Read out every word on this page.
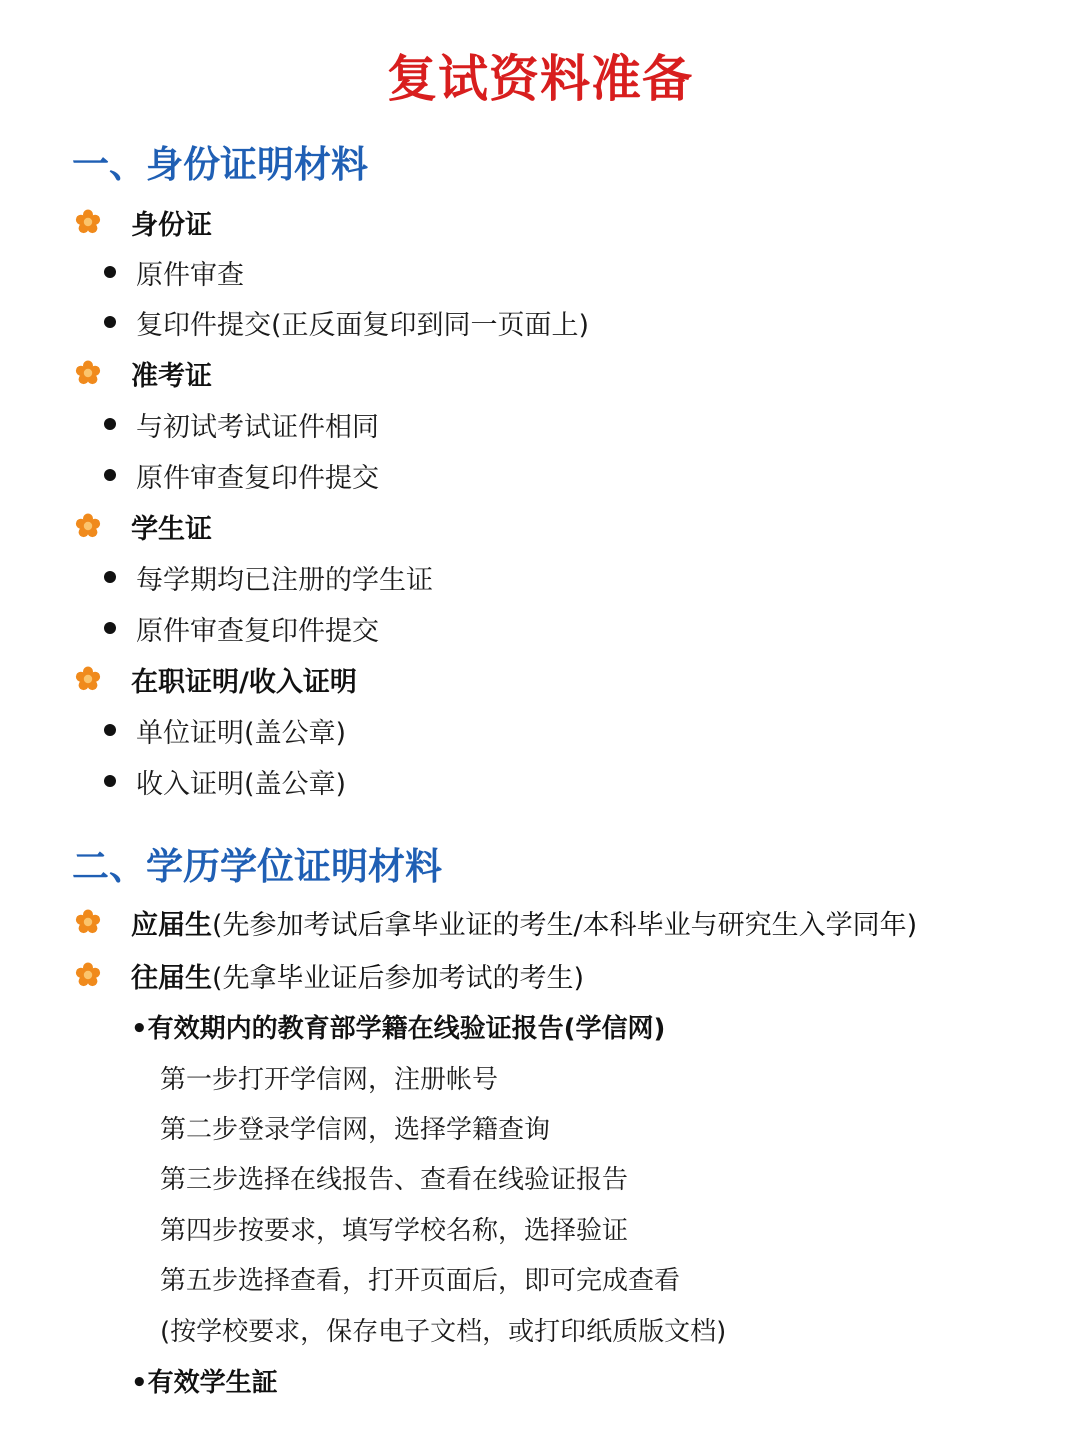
复试资料准备
一、身份证明材料
身份证
原件审查
复印件提交(正反面复印到同一页面上)
准考证
与初试考试证件相同
原件审查复印件提交
学生证
每学期均已注册的学生证
原件审查复印件提交
在职证明/收入证明
单位证明(盖公章)
收入证明(盖公章)
二、学历学位证明材料
应届生(先参加考试后拿毕业证的考生/本科毕业与研究生入学同年)
往届生(先拿毕业证后参加考试的考生)
•有效期内的教育部学籍在线验证报告(学信网)
第一步打开学信网，注册帐号
第二步登录学信网，选择学籍查询
第三步选择在线报告、查看在线验证报告
第四步按要求，填写学校名称，选择验证
第五步选择查看，打开页面后，即可完成查看
(按学校要求，保存电子文档，或打印纸质版文档)
•有效学生証
